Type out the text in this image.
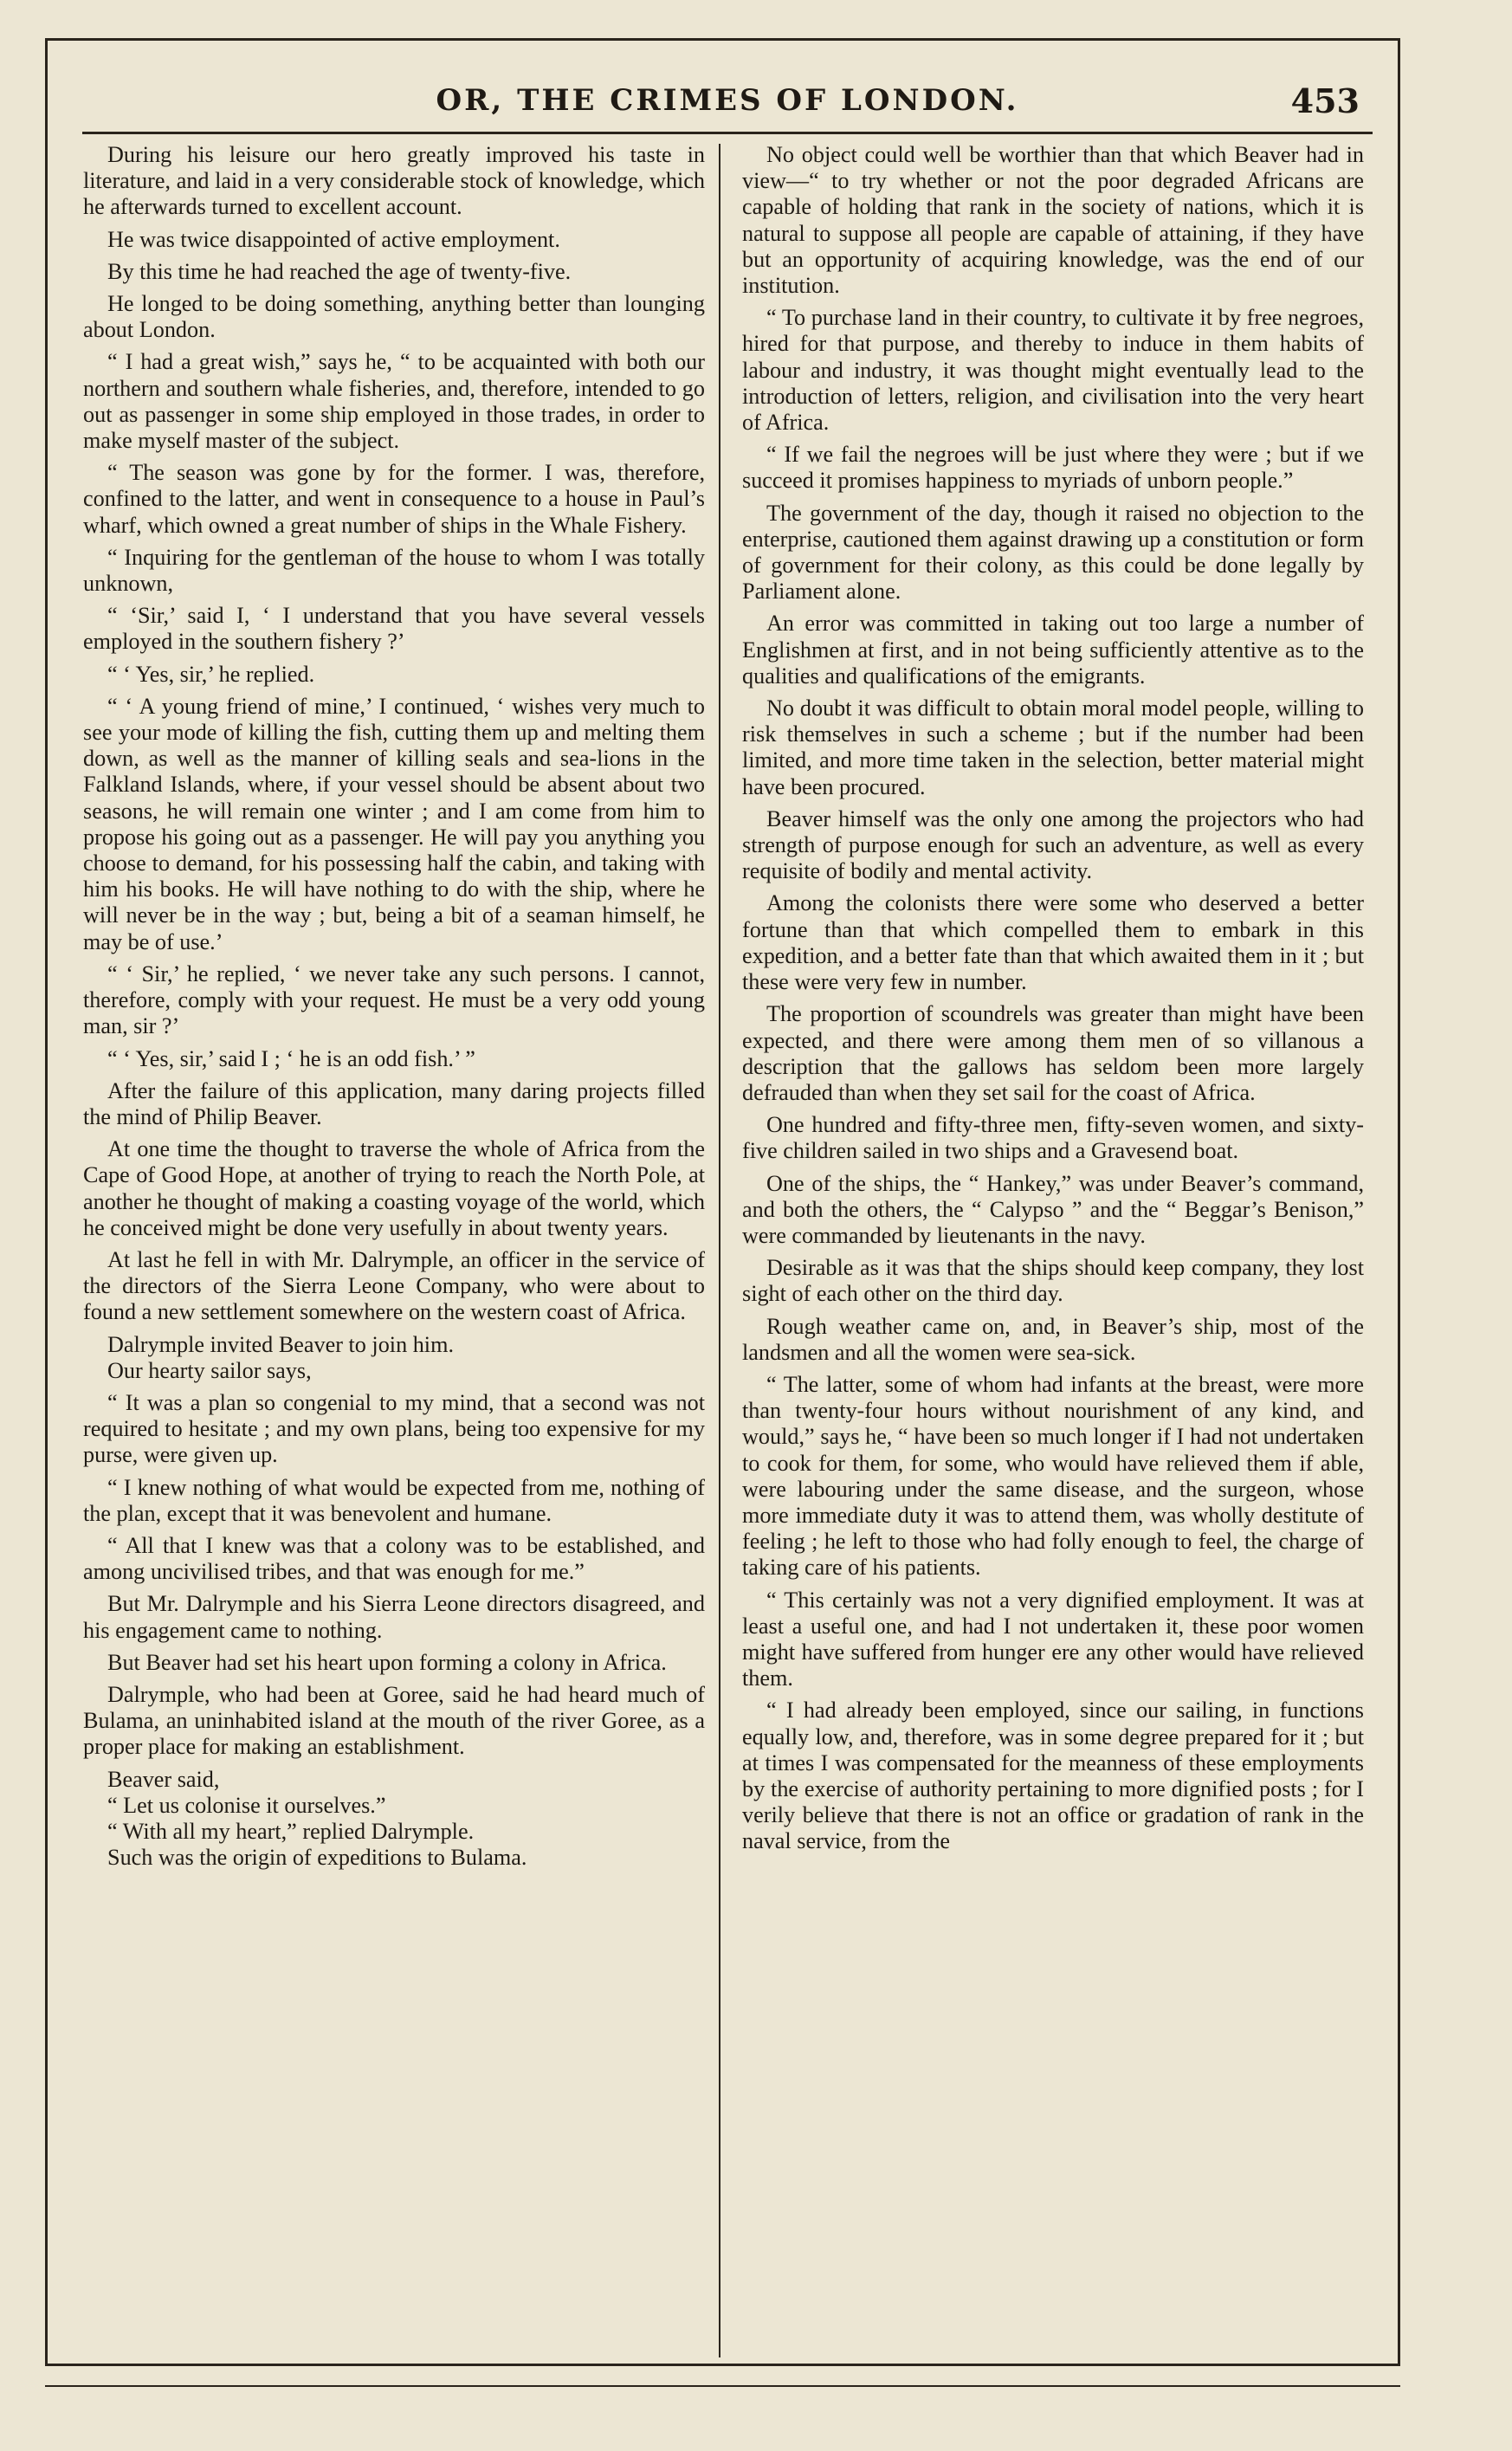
OR, THE CRIMES OF LONDON.	453

During his leisure our hero greatly improved his taste in literature, and laid in a very considerable stock of knowledge, which he afterwards turned to excellent account.

He was twice disappointed of active employment.

By this time he had reached the age of twenty-five.

He longed to be doing something, anything better than lounging about London.

“ I had a great wish,” says he, “ to be acquainted with both our northern and southern whale fisheries, and, therefore, intended to go out as passenger in some ship employed in those trades, in order to make myself master of the subject.

“ The season was gone by for the former. I was, therefore, confined to the latter, and went in consequence to a house in Paul’s wharf, which owned a great number of ships in the Whale Fishery.

“ Inquiring for the gentleman of the house to whom I was totally unknown,

“ ‘Sir,’ said I, ‘ I understand that you have several vessels employed in the southern fishery ?’

“ ‘ Yes, sir,’ he replied.

“ ‘ A young friend of mine,’ I continued, ‘ wishes very much to see your mode of killing the fish, cutting them up and melting them down, as well as the manner of killing seals and sea-lions in the Falkland Islands, where, if your vessel should be absent about two seasons, he will remain one winter ; and I am come from him to propose his going out as a passenger. He will pay you anything you choose to demand, for his possessing half the cabin, and taking with him his books. He will have nothing to do with the ship, where he will never be in the way ; but, being a bit of a seaman himself, he may be of use.’

“ ‘ Sir,’ he replied, ‘ we never take any such persons. I cannot, therefore, comply with your request. He must be a very odd young man, sir ?’

“ ‘ Yes, sir,’ said I ; ‘ he is an odd fish.’ ”

After the failure of this application, many daring projects filled the mind of Philip Beaver.

At one time the thought to traverse the whole of Africa from the Cape of Good Hope, at another of trying to reach the North Pole, at another he thought of making a coasting voyage of the world, which he conceived might be done very usefully in about twenty years.

At last he fell in with Mr. Dalrymple, an officer in the service of the directors of the Sierra Leone Company, who were about to found a new settlement somewhere on the western coast of Africa.

Dalrymple invited Beaver to join him.

Our hearty sailor says,

“ It was a plan so congenial to my mind, that a second was not required to hesitate ; and my own plans, being too expensive for my purse, were given up.

“ I knew nothing of what would be expected from me, nothing of the plan, except that it was benevolent and humane.

“ All that I knew was that a colony was to be established, and among uncivilised tribes, and that was enough for me.”

But Mr. Dalrymple and his Sierra Leone directors disagreed, and his engagement came to nothing.

But Beaver had set his heart upon forming a colony in Africa.

Dalrymple, who had been at Goree, said he had heard much of Bulama, an uninhabited island at the mouth of the river Goree, as a proper place for making an establishment.

Beaver said,

“ Let us colonise it ourselves.”

“ With all my heart,” replied Dalrymple.

Such was the origin of expeditions to Bulama.

No object could well be worthier than that which Beaver had in view—“ to try whether or not the poor degraded Africans are capable of holding that rank in the society of nations, which it is natural to suppose all people are capable of attaining, if they have but an opportunity of acquiring knowledge, was the end of our institution.

“ To purchase land in their country, to cultivate it by free negroes, hired for that purpose, and thereby to induce in them habits of labour and industry, it was thought might eventually lead to the introduction of letters, religion, and civilisation into the very heart of Africa.

“ If we fail the negroes will be just where they were ; but if we succeed it promises happiness to myriads of unborn people.”

The government of the day, though it raised no objection to the enterprise, cautioned them against drawing up a constitution or form of government for their colony, as this could be done legally by Parliament alone.

An error was committed in taking out too large a number of Englishmen at first, and in not being sufficiently attentive as to the qualities and qualifications of the emigrants.

No doubt it was difficult to obtain moral model people, willing to risk themselves in such a scheme ; but if the number had been limited, and more time taken in the selection, better material might have been procured.

Beaver himself was the only one among the projectors who had strength of purpose enough for such an adventure, as well as every requisite of bodily and mental activity.

Among the colonists there were some who deserved a better fortune than that which compelled them to embark in this expedition, and a better fate than that which awaited them in it ; but these were very few in number.

The proportion of scoundrels was greater than might have been expected, and there were among them men of so villanous a description that the gallows has seldom been more largely defrauded than when they set sail for the coast of Africa.

One hundred and fifty-three men, fifty-seven women, and sixty-five children sailed in two ships and a Gravesend boat.

One of the ships, the “ Hankey,” was under Beaver’s command, and both the others, the “ Calypso ” and the “ Beggar’s Benison,” were commanded by lieutenants in the navy.

Desirable as it was that the ships should keep company, they lost sight of each other on the third day.

Rough weather came on, and, in Beaver’s ship, most of the landsmen and all the women were sea-sick.

“ The latter, some of whom had infants at the breast, were more than twenty-four hours without nourishment of any kind, and would,” says he, “ have been so much longer if I had not undertaken to cook for them, for some, who would have relieved them if able, were labouring under the same disease, and the surgeon, whose more immediate duty it was to attend them, was wholly destitute of feeling ; he left to those who had folly enough to feel, the charge of taking care of his patients.

“ This certainly was not a very dignified employment. It was at least a useful one, and had I not undertaken it, these poor women might have suffered from hunger ere any other would have relieved them.

“ I had already been employed, since our sailing, in functions equally low, and, therefore, was in some degree prepared for it ; but at times I was compensated for the meanness of these employments by the exercise of authority pertaining to more dignified posts ; for I verily believe that there is not an office or gradation of rank in the naval service, from the
